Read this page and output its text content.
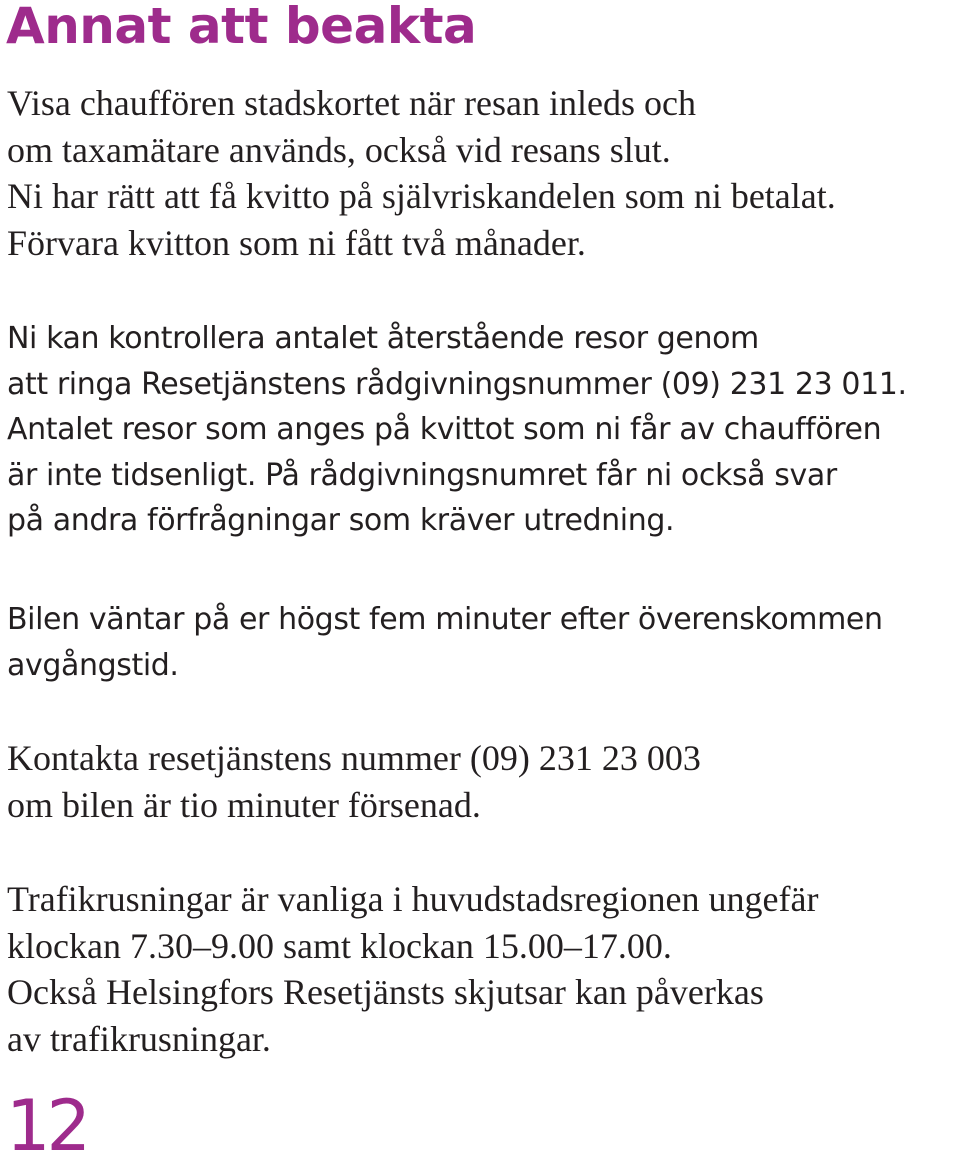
Annat att beakta

Visa chauffören stadskortet när resan inleds och
om taxamätare används, också vid resans slut.
Ni har rätt att få kvitto på självriskandelen som ni betalat.
Förvara kvitton som ni fått två månader.

Ni kan kontrollera antalet återstående resor genom
att ringa Resetjänstens rådgivningsnummer (09) 231 23 011.
Antalet resor som anges på kvittot som ni får av chauffören
är inte tidsenligt. På rådgivningsnumret får ni också svar
på andra förfrågningar som kräver utredning.

Bilen väntar på er högst fem minuter efter överenskommen
avgångstid.

Kontakta resetjänstens nummer (09) 231 23 003
om bilen är tio minuter försenad.

Trafikrusningar är vanliga i huvudstadsregionen ungefär
klockan 7.30–9.00 samt klockan 15.00–17.00.
Också Helsingfors Resetjänsts skjutsar kan påverkas
av trafikrusningar.

12
